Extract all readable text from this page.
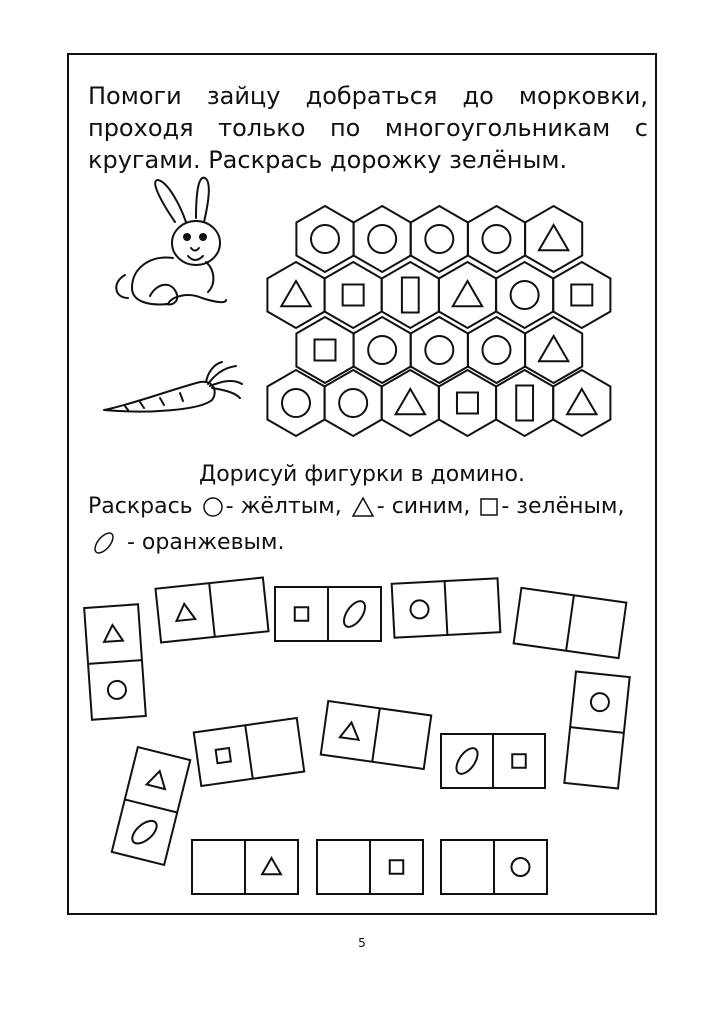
Помоги зайцу добраться до морковки,
проходя только по многоугольникам с
кругами. Раскрась дорожку зелёным.
Дорисуй фигурки в домино.
Раскрась - жёлтым, - синим, - зелёным,
- оранжевым.
5
